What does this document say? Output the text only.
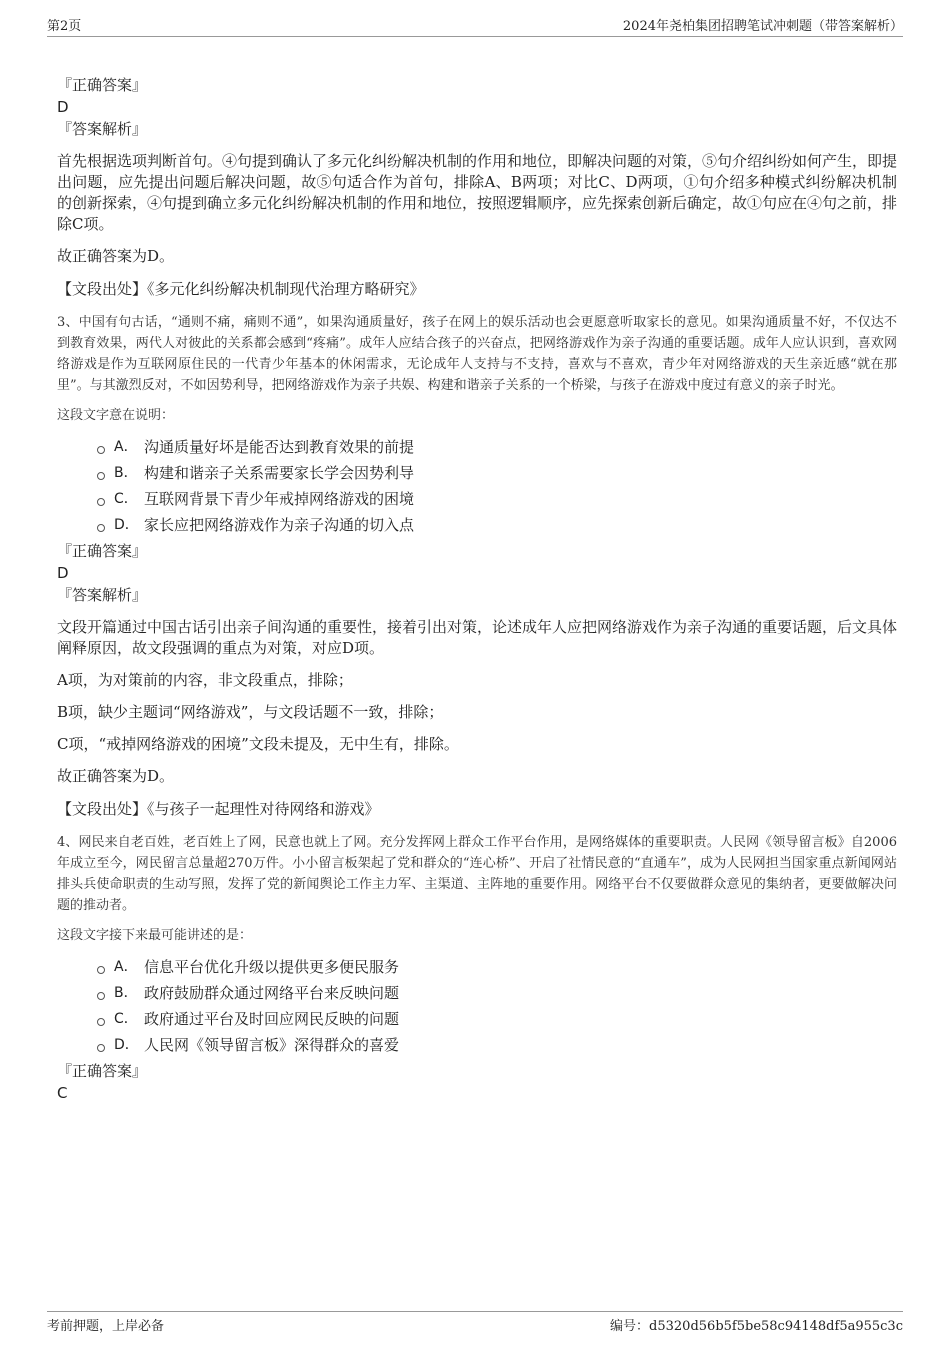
第2页	2024年尧柏集团招聘笔试冲刺题（带答案解析）

『正确答案』

D

『答案解析』

首先根据选项判断首句。④句提到确认了多元化纠纷解决机制的作用和地位，即解决问题的对策，⑤句介绍纠纷如何产生，即提出问题，应先提出问题后解决问题，故⑤句适合作为首句，排除A、B两项；对比C、D两项，①句介绍多种模式纠纷解决机制的创新探索，④句提到确立多元化纠纷解决机制的作用和地位，按照逻辑顺序，应先探索创新后确定，故①句应在④句之前，排除C项。

故正确答案为D。

【文段出处】《多元化纠纷解决机制现代治理方略研究》

3、中国有句古话，“通则不痛，痛则不通”，如果沟通质量好，孩子在网上的娱乐活动也会更愿意听取家长的意见。如果沟通质量不好，不仅达不到教育效果，两代人对彼此的关系都会感到“疼痛”。成年人应结合孩子的兴奋点，把网络游戏作为亲子沟通的重要话题。成年人应认识到，喜欢网络游戏是作为互联网原住民的一代青少年基本的休闲需求，无论成年人支持与不支持，喜欢与不喜欢，青少年对网络游戏的天生亲近感“就在那里”。与其激烈反对，不如因势利导，把网络游戏作为亲子共娱、构建和谐亲子关系的一个桥梁，与孩子在游戏中度过有意义的亲子时光。

这段文字意在说明：

A． 沟通质量好坏是能否达到教育效果的前提
B． 构建和谐亲子关系需要家长学会因势利导
C． 互联网背景下青少年戒掉网络游戏的困境
D． 家长应把网络游戏作为亲子沟通的切入点

『正确答案』

D

『答案解析』

文段开篇通过中国古话引出亲子间沟通的重要性，接着引出对策，论述成年人应把网络游戏作为亲子沟通的重要话题，后文具体阐释原因，故文段强调的重点为对策，对应D项。

A项，为对策前的内容，非文段重点，排除；

B项，缺少主题词“网络游戏”，与文段话题不一致，排除；

C项，“戒掉网络游戏的困境”文段未提及，无中生有，排除。

故正确答案为D。

【文段出处】《与孩子一起理性对待网络和游戏》

4、网民来自老百姓，老百姓上了网，民意也就上了网。充分发挥网上群众工作平台作用，是网络媒体的重要职责。人民网《领导留言板》自2006年成立至今，网民留言总量超270万件。小小留言板架起了党和群众的“连心桥”、开启了社情民意的“直通车”，成为人民网担当国家重点新闻网站排头兵使命职责的生动写照，发挥了党的新闻舆论工作主力军、主渠道、主阵地的重要作用。网络平台不仅要做群众意见的集纳者，更要做解决问题的推动者。

这段文字接下来最可能讲述的是：

A． 信息平台优化升级以提供更多便民服务
B． 政府鼓励群众通过网络平台来反映问题
C． 政府通过平台及时回应网民反映的问题
D． 人民网《领导留言板》深得群众的喜爱

『正确答案』

C

考前押题，上岸必备	编号：d5320d56b5f5be58c94148df5a955c3c
